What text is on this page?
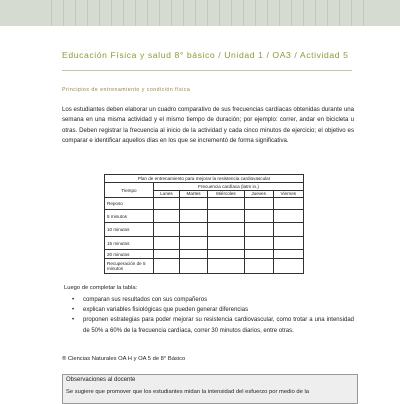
Educación Física y salud 8° básico / Unidad 1 / OA3 / Actividad 5
Principios de entrenamiento y condición física
Los estudiantes deben elaborar un cuadro comparativo de sus frecuencias cardíacas obtenidas durante una semana en una misma actividad y el mismo tiempo de duración; por ejemplo: correr, andar en bicicleta u otras. Deben registrar la frecuencia al inicio de la actividad y cada cinco minutos de ejercicio; el objetivo es comparar e identificar aquellos días en los que se incrementó de forma significativa.
Plan de entrenamiento para mejorar la resistencia cardiovascular					
Tiempo	Frecuencia cardíaca (latm in.)				
	Lunes	Martes	Miércoles	Jueves	Viernes
Reposo					
5 minutos					
10 minutos					
15 minutos					
20 minutos					
Recuperación de 5 minutos					
Luego de completar la tabla:
• comparan sus resultados con sus compañeros
• explican variables fisiológicas que pueden generar diferencias
• proponen estrategias para poder mejorar su resistencia cardiovascular, como trotar a una intensidad de 50% a 60% de la frecuencia cardíaca, correr 30 minutos diarios, entre otras.
® Ciencias Naturales OA H y OA 5 de 8° Básico
Observaciones al docente
Se sugiere que promover que los estudiantes midan la intensidad del esfuerzo por medio de la
